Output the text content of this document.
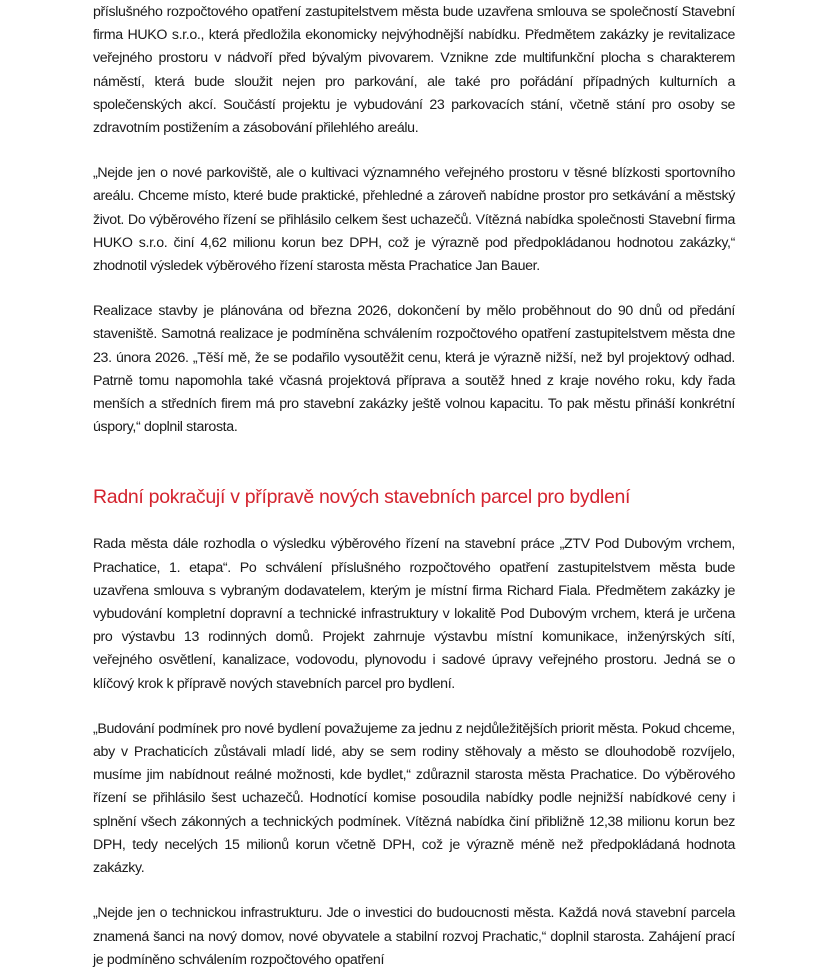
příslušného rozpočtového opatření zastupitelstvem města bude uzavřena smlouva se společností Stavební firma HUKO s.r.o., která předložila ekonomicky nejvýhodnější nabídku. Předmětem zakázky je revitalizace veřejného prostoru v nádvoří před bývalým pivovarem. Vznikne zde multifunkční plocha s charakterem náměstí, která bude sloužit nejen pro parkování, ale také pro pořádání případných kulturních a společenských akcí. Součástí projektu je vybudování 23 parkovacích stání, včetně stání pro osoby se zdravotním postižením a zásobování přilehlého areálu.

„Nejde jen o nové parkoviště, ale o kultivaci významného veřejného prostoru v těsné blízkosti sportovního areálu. Chceme místo, které bude praktické, přehledné a zároveň nabídne prostor pro setkávání a městský život. Do výběrového řízení se přihlásilo celkem šest uchazečů. Vítězná nabídka společnosti Stavební firma HUKO s.r.o. činí 4,62 milionu korun bez DPH, což je výrazně pod předpokládanou hodnotou zakázky,“ zhodnotil výsledek výběrového řízení starosta města Prachatice Jan Bauer.

Realizace stavby je plánována od března 2026, dokončení by mělo proběhnout do 90 dnů od předání staveniště. Samotná realizace je podmíněna schválením rozpočtového opatření zastupitelstvem města dne 23. února 2026. „Těší mě, že se podařilo vysoutěžit cenu, která je výrazně nižší, než byl projektový odhad. Patrně tomu napomohla také včasná projektová příprava a soutěž hned z kraje nového roku, kdy řada menších a středních firem má pro stavební zakázky ještě volnou kapacitu. To pak městu přináší konkrétní úspory,“ doplnil starosta.

Radní pokračují v přípravě nových stavebních parcel pro bydlení

Rada města dále rozhodla o výsledku výběrového řízení na stavební práce „ZTV Pod Dubovým vrchem, Prachatice, 1. etapa“. Po schválení příslušného rozpočtového opatření zastupitelstvem města bude uzavřena smlouva s vybraným dodavatelem, kterým je místní firma Richard Fiala. Předmětem zakázky je vybudování kompletní dopravní a technické infrastruktury v lokalitě Pod Dubovým vrchem, která je určena pro výstavbu 13 rodinných domů. Projekt zahrnuje výstavbu místní komunikace, inženýrských sítí, veřejného osvětlení, kanalizace, vodovodu, plynovodu i sadové úpravy veřejného prostoru. Jedná se o klíčový krok k přípravě nových stavebních parcel pro bydlení.

„Budování podmínek pro nové bydlení považujeme za jednu z nejdůležitějších priorit města. Pokud chceme, aby v Prachaticích zůstávali mladí lidé, aby se sem rodiny stěhovaly a město se dlouhodobě rozvíjelo, musíme jim nabídnout reálné možnosti, kde bydlet,“ zdůraznil starosta města Prachatice. Do výběrového řízení se přihlásilo šest uchazečů. Hodnotící komise posoudila nabídky podle nejnižší nabídkové ceny i splnění všech zákonných a technických podmínek. Vítězná nabídka činí přibližně 12,38 milionu korun bez DPH, tedy necelých 15 milionů korun včetně DPH, což je výrazně méně než předpokládaná hodnota zakázky.

„Nejde jen o technickou infrastrukturu. Jde o investici do budoucnosti města. Každá nová stavební parcela znamená šanci na nový domov, nové obyvatele a stabilní rozvoj Prachatic,“ doplnil starosta. Zahájení prací je podmíněno schválením rozpočtového opatření
